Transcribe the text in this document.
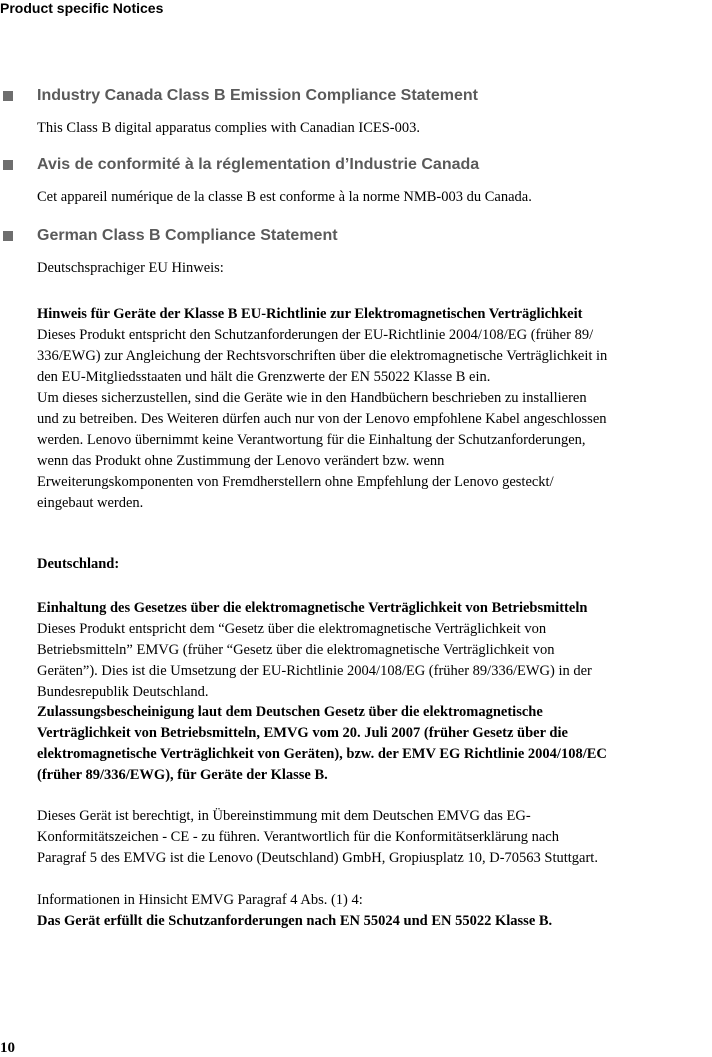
Product specific Notices
Industry Canada Class B Emission Compliance Statement

This Class B digital apparatus complies with Canadian ICES-003.

Avis de conformité à la réglementation d’Industrie Canada

Cet appareil numérique de la classe B est conforme à la norme NMB-003 du Canada.

German Class B Compliance Statement

Deutschsprachiger EU Hinweis:

Hinweis für Geräte der Klasse B EU-Richtlinie zur Elektromagnetischen Verträglichkeit

Dieses Produkt entspricht den Schutzanforderungen der EU-Richtlinie 2004/108/EG (früher 89/
336/EWG) zur Angleichung der Rechtsvorschriften über die elektromagnetische Verträglichkeit in
den EU-Mitgliedsstaaten und hält die Grenzwerte der EN 55022 Klasse B ein.

Um dieses sicherzustellen, sind die Geräte wie in den Handbüchern beschrieben zu installieren
und zu betreiben. Des Weiteren dürfen auch nur von der Lenovo empfohlene Kabel angeschlossen
werden. Lenovo übernimmt keine Verantwortung für die Einhaltung der Schutzanforderungen,
wenn das Produkt ohne Zustimmung der Lenovo verändert bzw. wenn
Erweiterungskomponenten von Fremdherstellern ohne Empfehlung der Lenovo gesteckt/
eingebaut werden.

Deutschland:

Einhaltung des Gesetzes über die elektromagnetische Verträglichkeit von Betriebsmitteln

Dieses Produkt entspricht dem “Gesetz über die elektromagnetische Verträglichkeit von
Betriebsmitteln” EMVG (früher “Gesetz über die elektromagnetische Verträglichkeit von
Geräten”). Dies ist die Umsetzung der EU-Richtlinie 2004/108/EG (früher 89/336/EWG) in der
Bundesrepublik Deutschland.

Zulassungsbescheinigung laut dem Deutschen Gesetz über die elektromagnetische
Verträglichkeit von Betriebsmitteln, EMVG vom 20. Juli 2007 (früher Gesetz über die
elektromagnetische Verträglichkeit von Geräten), bzw. der EMV EG Richtlinie 2004/108/EC
(früher 89/336/EWG), für Geräte der Klasse B.

Dieses Gerät ist berechtigt, in Übereinstimmung mit dem Deutschen EMVG das EG-
Konformitätszeichen - CE - zu führen. Verantwortlich für die Konformitätserklärung nach
Paragraf 5 des EMVG ist die Lenovo (Deutschland) GmbH, Gropiusplatz 10, D-70563 Stuttgart.

Informationen in Hinsicht EMVG Paragraf 4 Abs. (1) 4:

Das Gerät erfüllt die Schutzanforderungen nach EN 55024 und EN 55022 Klasse B.

10
